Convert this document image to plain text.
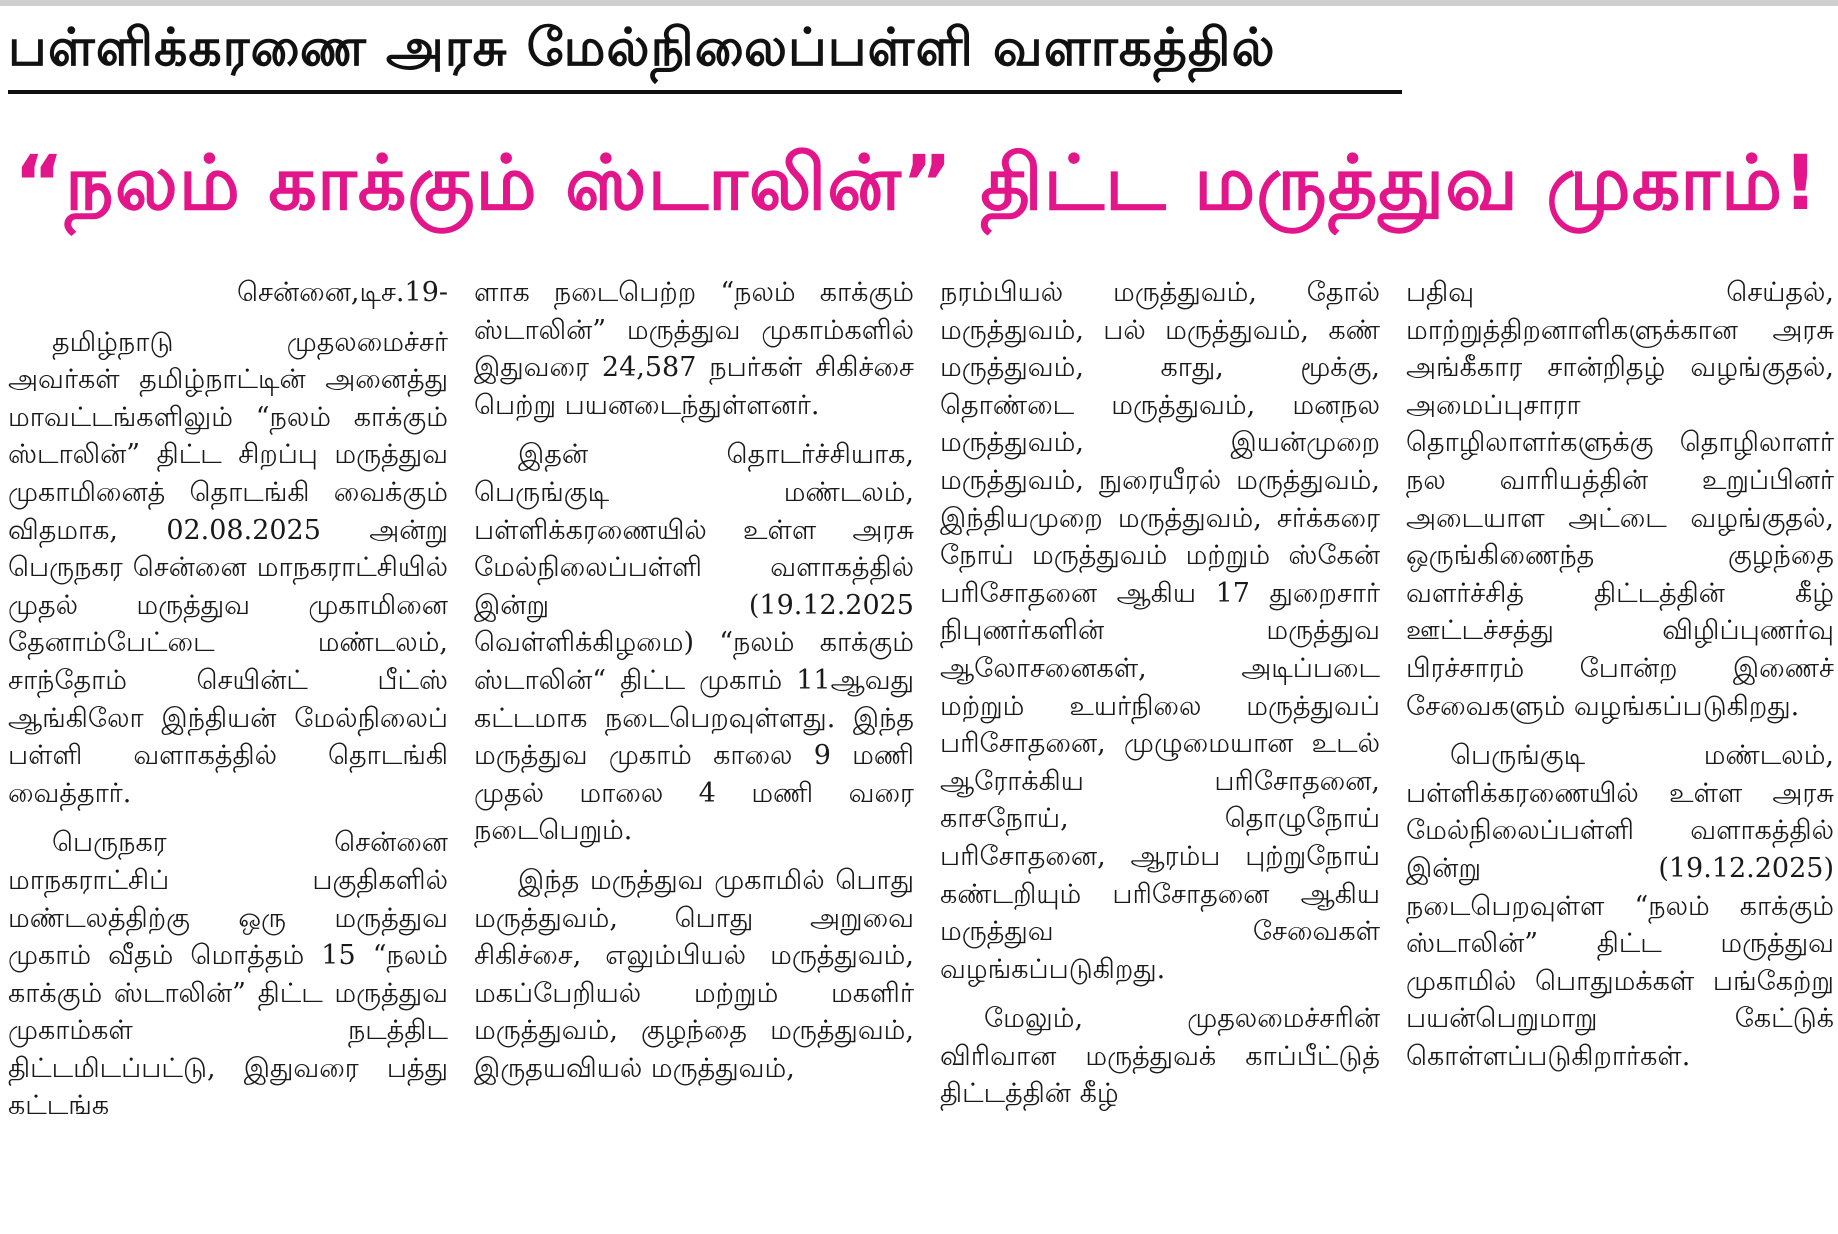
பள்ளிக்கரணை அரசு மேல்நிலைப்பள்ளி வளாகத்தில்
“நலம் காக்கும் ஸ்டாலின்” திட்ட மருத்துவ முகாம்!

சென்னை,டிச.19-

தமிழ்நாடு முதலமைச்சர் அவர்கள் தமிழ்நாட்டின் அனைத்து மாவட்டங்களிலும் “நலம் காக்கும் ஸ்டாலின்” திட்ட சிறப்பு மருத்துவ முகாமினைத் தொடங்கி வைக்கும் விதமாக, 02.08.2025 அன்று பெருநகர சென்னை மாநகராட்சியில் முதல் மருத்துவ முகாமினை தேனாம்பேட்டை மண்டலம், சாந்தோம் செயின்ட் பீட்ஸ் ஆங்கிலோ இந்தியன் மேல்நிலைப் பள்ளி வளாகத்தில் தொடங்கி வைத்தார்.

பெருநகர சென்னை மாநகராட்சிப் பகுதிகளில் மண்டலத்திற்கு ஒரு மருத்துவ முகாம் வீதம் மொத்தம் 15 “நலம் காக்கும் ஸ்டாலின்” திட்ட மருத்துவ முகாம்கள் நடத்திட திட்டமிடப்பட்டு, இதுவரை பத்து கட்டங்க

ளாக நடைபெற்ற “நலம் காக்கும் ஸ்டாலின்” மருத்துவ முகாம்களில் இதுவரை 24,587 நபர்கள் சிகிச்சை பெற்று பயனடைந்துள்ளனர்.

இதன் தொடர்ச்சியாக, பெருங்குடி மண்டலம், பள்ளிக்கரணையில் உள்ள அரசு மேல்நிலைப்பள்ளி வளாகத்தில் இன்று (19.12.2025 வெள்ளிக்கிழமை) “நலம் காக்கும் ஸ்டாலின்“ திட்ட முகாம் 11ஆவது கட்டமாக நடைபெறவுள்ளது. இந்த மருத்துவ முகாம் காலை 9 மணி முதல் மாலை 4 மணி வரை நடைபெறும்.

இந்த மருத்துவ முகாமில் பொது மருத்துவம், பொது அறுவை சிகிச்சை, எலும்பியல் மருத்துவம், மகப்பேறியல் மற்றும் மகளிர் மருத்துவம், குழந்தை மருத்துவம், இருதயவியல் மருத்துவம்,

நரம்பியல் மருத்துவம், தோல் மருத்துவம், பல் மருத்துவம், கண் மருத்துவம், காது, மூக்கு, தொண்டை மருத்துவம், மனநல மருத்துவம், இயன்முறை மருத்துவம், நுரையீரல் மருத்துவம், இந்தியமுறை மருத்துவம், சர்க்கரை நோய் மருத்துவம் மற்றும் ஸ்கேன் பரிசோதனை ஆகிய 17 துறைசார் நிபுணர்களின் மருத்துவ ஆலோசனைகள், அடிப்படை மற்றும் உயர்நிலை மருத்துவப் பரிசோதனை, முழுமையான உடல் ஆரோக்கிய பரிசோதனை, காசநோய், தொழுநோய் பரிசோதனை, ஆரம்ப புற்றுநோய் கண்டறியும் பரிசோதனை ஆகிய மருத்துவ சேவைகள் வழங்கப்படுகிறது.

மேலும், முதலமைச்சரின் விரிவான மருத்துவக் காப்பீட்டுத் திட்டத்தின் கீழ்

பதிவு செய்தல், மாற்றுத்திறனாளிகளுக்கான அரசு அங்கீகார சான்றிதழ் வழங்குதல், அமைப்புசாரா தொழிலாளர்களுக்கு தொழிலாளர் நல வாரியத்தின் உறுப்பினர் அடையாள அட்டை வழங்குதல், ஒருங்கிணைந்த குழந்தை வளர்ச்சித் திட்டத்தின் கீழ் ஊட்டச்சத்து விழிப்புணர்வு பிரச்சாரம் போன்ற இணைச் சேவைகளும் வழங்கப்படுகிறது.

பெருங்குடி மண்டலம், பள்ளிக்கரணையில் உள்ள அரசு மேல்நிலைப்பள்ளி வளாகத்தில் இன்று (19.12.2025) நடைபெறவுள்ள “நலம் காக்கும் ஸ்டாலின்” திட்ட மருத்துவ முகாமில் பொதுமக்கள் பங்கேற்று பயன்பெறுமாறு கேட்டுக் கொள்ளப்படுகிறார்கள்.
